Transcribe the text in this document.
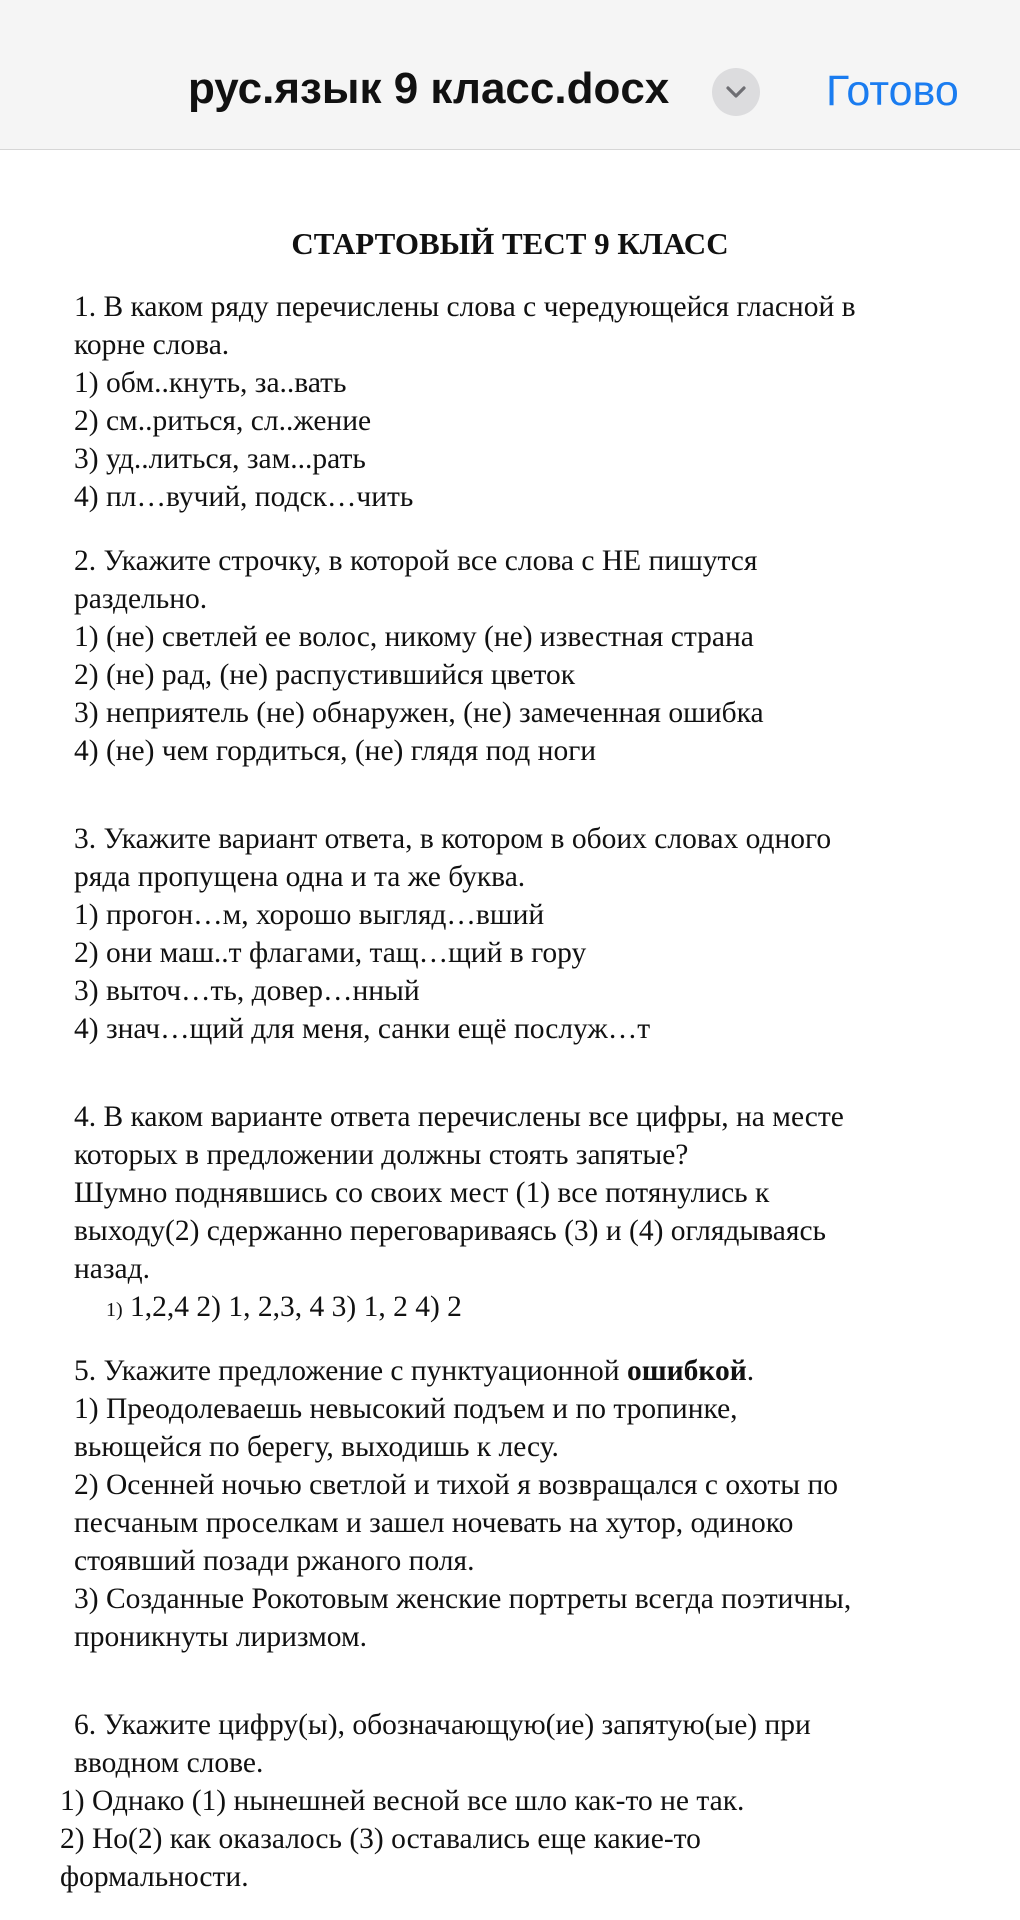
рус.язык 9 класс.docx	Готово
СТАРТОВЫЙ ТЕСТ 9 КЛАСС
1. В каком ряду перечислены слова с чередующейся гласной в
корне слова.
1) обм..кнуть, за..вать
2) см..риться, сл..жение
3) уд..литься, зам...рать
4) пл…вучий, подск…чить
2. Укажите строчку, в которой все слова с НЕ пишутся
раздельно.
1) (не) светлей ее волос, никому (не) известная страна
2) (не) рад, (не) распустившийся цветок
3) неприятель (не) обнаружен, (не) замеченная ошибка
4) (не) чем гордиться, (не) глядя под ноги
3. Укажите вариант ответа, в котором в обоих словах одного
ряда пропущена одна и та же буква.
1) прогон…м, хорошо выгляд…вший
2) они маш..т флагами, тащ…щий в гору
3) выточ…ть, довер…нный
4) знач…щий для меня, санки ещё послуж…т
4. В каком варианте ответа перечислены все цифры, на месте
которых в предложении должны стоять запятые?
Шумно поднявшись со своих мест (1) все потянулись к
выходу(2) сдержанно переговариваясь (3) и (4) оглядываясь
назад.
1) 1,2,4 2) 1, 2,3, 4 3) 1, 2 4) 2
5. Укажите предложение с пунктуационной ошибкой.
1) Преодолеваешь невысокий подъем и по тропинке,
вьющейся по берегу, выходишь к лесу.
2) Осенней ночью светлой и тихой я возвращался с охоты по
песчаным проселкам и зашел ночевать на хутор, одиноко
стоявший позади ржаного поля.
3) Созданные Рокотовым женские портреты всегда поэтичны,
проникнуты лиризмом.
6. Укажите цифру(ы), обозначающую(ие) запятую(ые) при
вводном слове.
1) Однако (1) нынешней весной все шло как-то не так.
2) Но(2) как оказалось (3) оставались еще какие-то
формальности.
